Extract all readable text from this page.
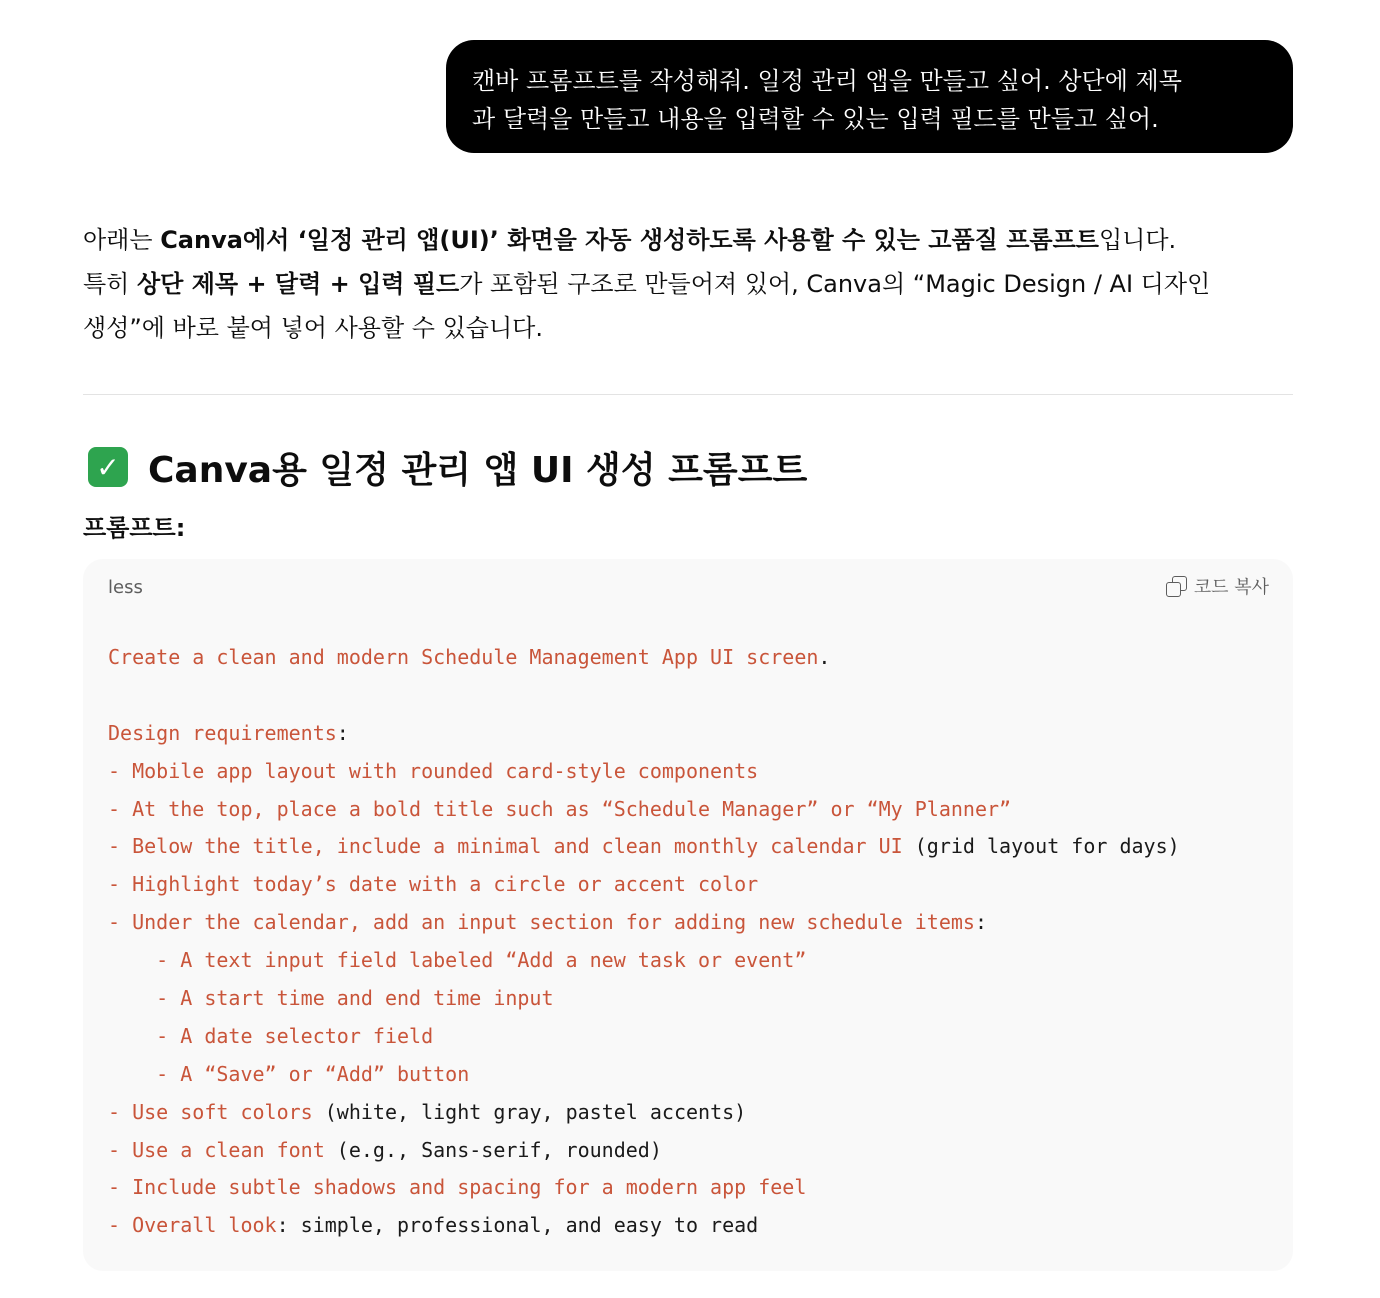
캔바 프롬프트를 작성해줘. 일정 관리 앱을 만들고 싶어. 상단에 제목
과 달력을 만들고 내용을 입력할 수 있는 입력 필드를 만들고 싶어.
아래는 Canva에서 ‘일정 관리 앱(UI)’ 화면을 자동 생성하도록 사용할 수 있는 고품질 프롬프트입니다.
특히 상단 제목 + 달력 + 입력 필드가 포함된 구조로 만들어져 있어, Canva의 “Magic Design / AI 디자인
생성”에 바로 붙여 넣어 사용할 수 있습니다.
✓ Canva용 일정 관리 앱 UI 생성 프롬프트
프롬프트:
less	코드 복사
Create a clean and modern Schedule Management App UI screen.
Design requirements:
- Mobile app layout with rounded card-style components
- At the top, place a bold title such as “Schedule Manager” or “My Planner”
- Below the title, include a minimal and clean monthly calendar UI (grid layout for days)
- Highlight today’s date with a circle or accent color
- Under the calendar, add an input section for adding new schedule items:
- A text input field labeled “Add a new task or event”
- A start time and end time input
- A date selector field
- A “Save” or “Add” button
- Use soft colors (white, light gray, pastel accents)
- Use a clean font (e.g., Sans-serif, rounded)
- Include subtle shadows and spacing for a modern app feel
- Overall look: simple, professional, and easy to read
